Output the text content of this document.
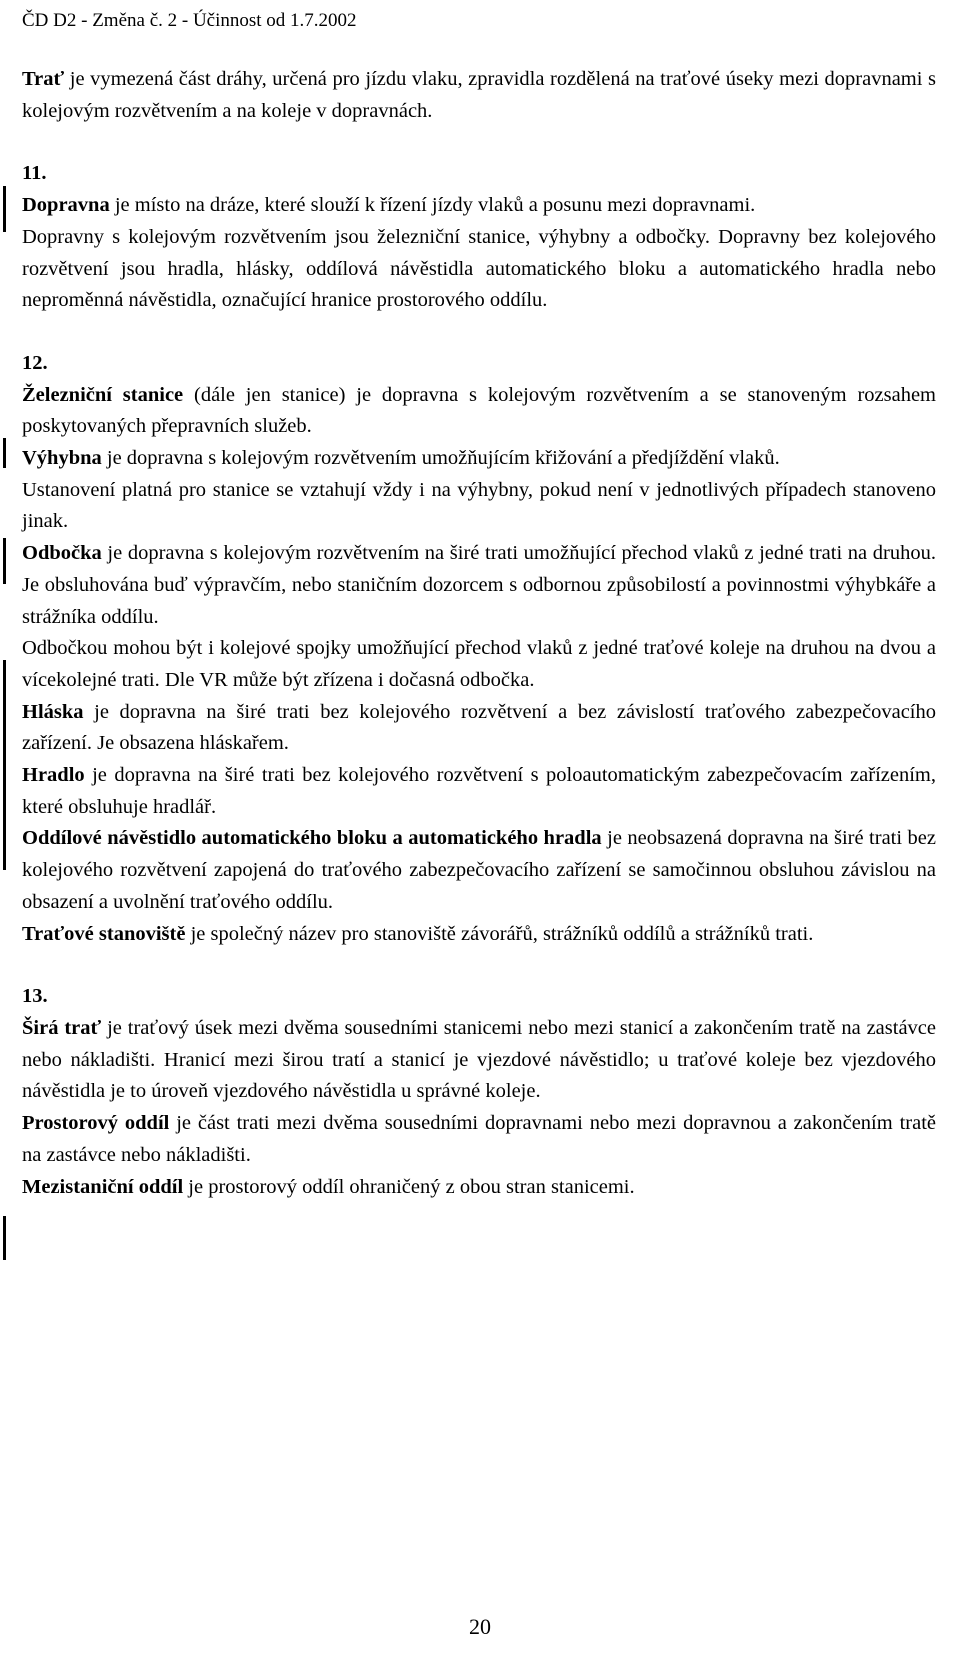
ČD D2 - Změna č. 2 - Účinnost od 1.7.2002

Trať je vymezená část dráhy, určená pro jízdu vlaku, zpravidla rozdělená na traťové úseky mezi dopravnami s kolejovým rozvětvením a na koleje v dopravnách.

11.

Dopravna je místo na dráze, které slouží k řízení jízdy vlaků a posunu mezi dopravnami.

Dopravny s kolejovým rozvětvením jsou železniční stanice, výhybny a odbočky. Dopravny bez kolejového rozvětvení jsou hradla, hlásky, oddílová návěstidla automatického bloku a automatického hradla nebo neproměnná návěstidla, označující hranice prostorového oddílu.

12.

Železniční stanice (dále jen stanice) je dopravna s kolejovým rozvětvením a se stanoveným rozsahem poskytovaných přepravních služeb.

Výhybna je dopravna s kolejovým rozvětvením umožňujícím křižování a předjíždění vlaků.

Ustanovení platná pro stanice se vztahují vždy i na výhybny, pokud není v jednotlivých případech stanoveno jinak.

Odbočka je dopravna s kolejovým rozvětvením na širé trati umožňující přechod vlaků z jedné trati na druhou. Je obsluhována buď výpravčím, nebo staničním dozorcem s odbornou způsobilostí a povinnostmi výhybkáře a strážníka oddílu.

Odbočkou mohou být i kolejové spojky umožňující přechod vlaků z jedné traťové koleje na druhou na dvou a vícekolejné trati. Dle VR může být zřízena i dočasná odbočka.

Hláska je dopravna na širé trati bez kolejového rozvětvení a bez závislostí traťového zabezpečovacího zařízení. Je obsazena hláskařem.

Hradlo je dopravna na širé trati bez kolejového rozvětvení s poloautomatickým zabezpečovacím zařízením, které obsluhuje hradlář.

Oddílové návěstidlo automatického bloku a automatického hradla je neobsazená dopravna na širé trati bez kolejového rozvětvení zapojená do traťového zabezpečovacího zařízení se samočinnou obsluhou závislou na obsazení a uvolnění traťového oddílu.

Traťové stanoviště je společný název pro stanoviště závorářů, strážníků oddílů a strážníků trati.

13.

Širá trať je traťový úsek mezi dvěma sousedními stanicemi nebo mezi stanicí a zakončením tratě na zastávce nebo nákladišti. Hranicí mezi širou tratí a stanicí je vjezdové návěstidlo; u traťové koleje bez vjezdového návěstidla je to úroveň vjezdového návěstidla u správné koleje.

Prostorový oddíl je část trati mezi dvěma sousedními dopravnami nebo mezi dopravnou a zakončením tratě na zastávce nebo nákladišti.

Mezistaniční oddíl je prostorový oddíl ohraničený z obou stran stanicemi.

20
